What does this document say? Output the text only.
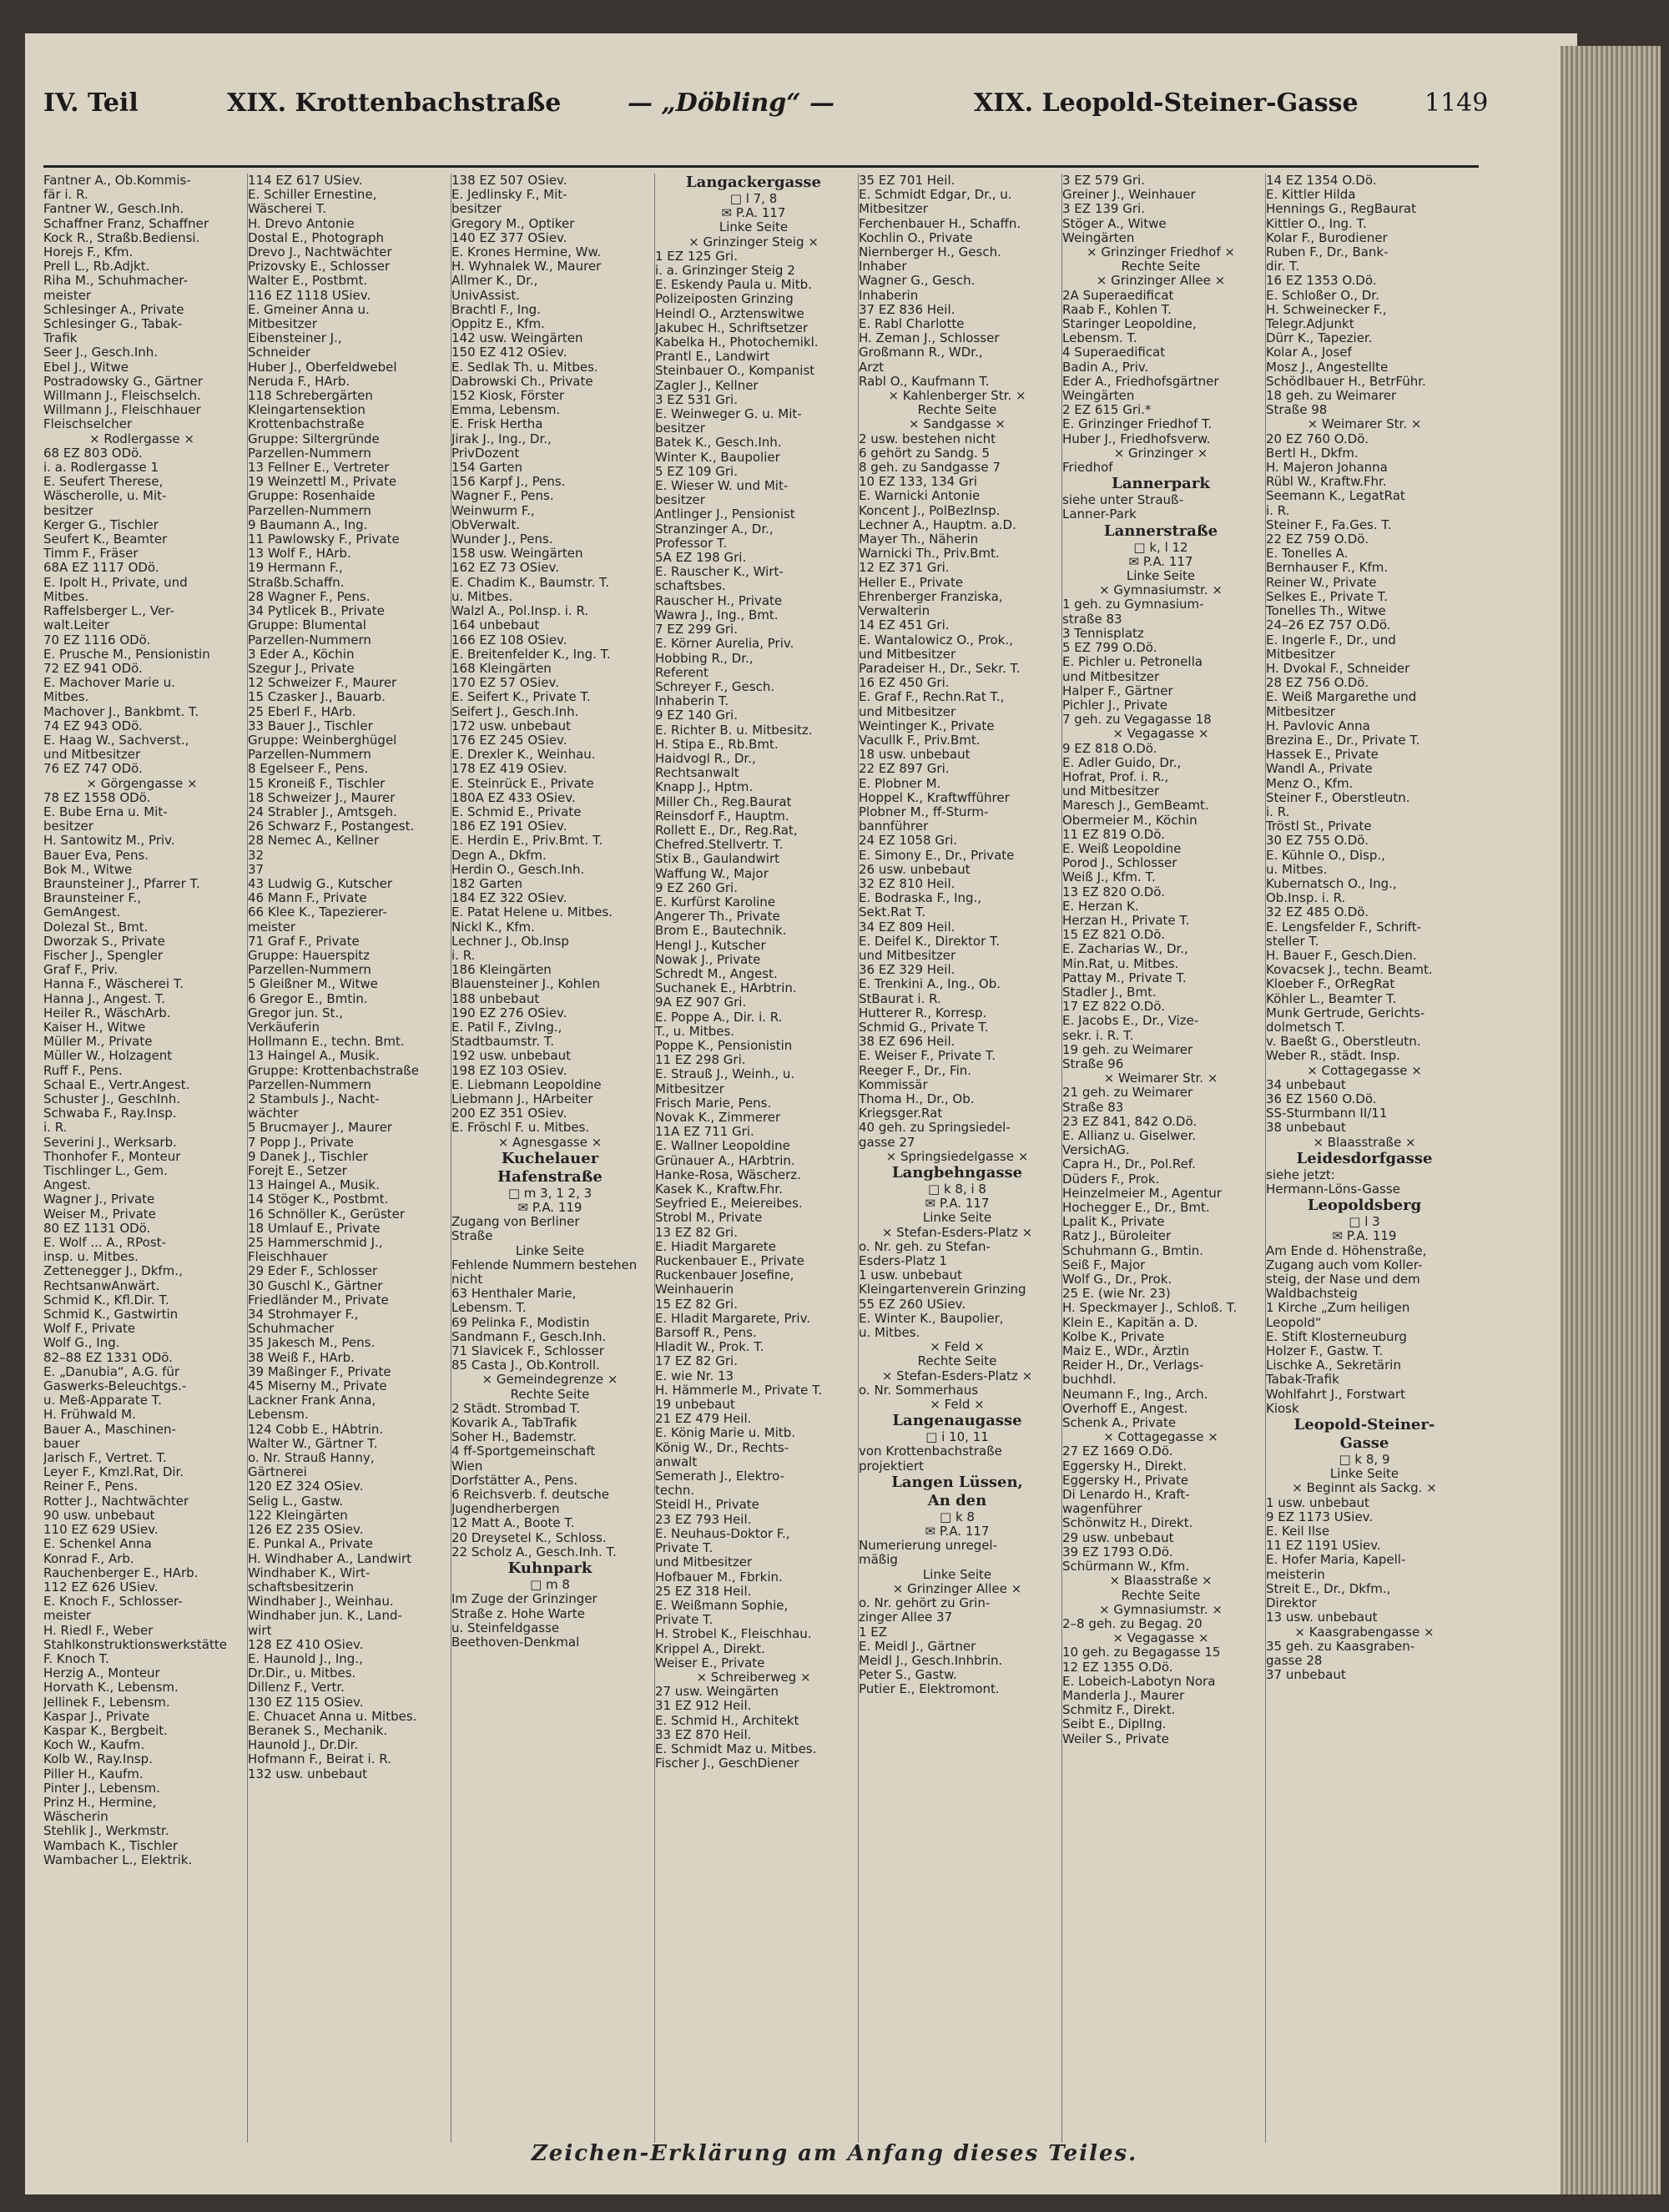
IV. Teil	XIX. Krottenbachstraße	— „Döbling“ —	XIX. Leopold-Steiner-Gasse	1149
Fantner A., Ob.Kommis-
fär i. R.
Fantner W., Gesch.Inh.
Schaffner Franz, Schaffner
Kock R., Straßb.Bediensi.
Horejs F., Kfm.
Prell L., Rb.Adjkt.
Riha M., Schuhmacher-
meister
Schlesinger A., Private
Schlesinger G., Tabak-
Trafik
Seer J., Gesch.Inh.
Ebel J., Witwe
Postradowsky G., Gärtner
Willmann J., Fleischselch.
Willmann J., Fleischhauer
Fleischselcher
× Rodlergasse ×
68 EZ 803 ODö.
i. a. Rodlergasse 1
E. Seufert Therese,
Wäscherolle, u. Mit-
besitzer
Kerger G., Tischler
Seufert K., Beamter
Timm F., Fräser
68A EZ 1117 ODö.
E. Ipolt H., Private, und
Mitbes.
Raffelsberger L., Ver-
walt.Leiter
70 EZ 1116 ODö.
E. Prusche M., Pensionistin
72 EZ 941 ODö.
E. Machover Marie u.
Mitbes.
Machover J., Bankbmt. T.
74 EZ 943 ODö.
E. Haag W., Sachverst.,
und Mitbesitzer
76 EZ 747 ODö.
× Görgengasse ×
78 EZ 1558 ODö.
E. Bube Erna u. Mit-
besitzer
H. Santowitz M., Priv.
Bauer Eva, Pens.
Bok M., Witwe
Braunsteiner J., Pfarrer T.
Braunsteiner F.,
GemAngest.
Dolezal St., Bmt.
Dworzak S., Private
Fischer J., Spengler
Graf F., Priv.
Hanna F., Wäscherei T.
Hanna J., Angest. T.
Heiler R., WäschArb.
Kaiser H., Witwe
Müller M., Private
Müller W., Holzagent
Ruff F., Pens.
Schaal E., Vertr.Angest.
Schuster J., GeschInh.
Schwaba F., Ray.Insp.
i. R.
Severini J., Werksarb.
Thonhofer F., Monteur
Tischlinger L., Gem.
Angest.
Wagner J., Private
Weiser M., Private
80 EZ 1131 ODö.
E. Wolf ... A., RPost-
insp. u. Mitbes.
Zettenegger J., Dkfm.,
RechtsanwAnwärt.
Schmid K., Kfl.Dir. T.
Schmid K., Gastwirtin
Wolf F., Private
Wolf G., Ing.
82–88 EZ 1331 ODö.
E. „Danubia“, A.G. für
Gaswerks-Beleuchtgs.-
u. Meß-Apparate T.
H. Frühwald M.
Bauer A., Maschinen-
bauer
Jarisch F., Vertret. T.
Leyer F., Kmzl.Rat, Dir.
Reiner F., Pens.
Rotter J., Nachtwächter
90 usw. unbebaut
110 EZ 629 USiev.
E. Schenkel Anna
Konrad F., Arb.
Rauchenberger E., HArb.
112 EZ 626 USiev.
E. Knoch F., Schlosser-
meister
H. Riedl F., Weber
Stahlkonstruktionswerkstätte
F. Knoch T.
Herzig A., Monteur
Horvath K., Lebensm.
Jellinek F., Lebensm.
Kaspar J., Private
Kaspar K., Bergbeit.
Koch W., Kaufm.
Kolb W., Ray.Insp.
Piller H., Kaufm.
Pinter J., Lebensm.
Prinz H., Hermine,
Wäscherin
Stehlik J., Werkmstr.
Wambach K., Tischler
Wambacher L., Elektrik.
114 EZ 617 USiev.
E. Schiller Ernestine,
Wäscherei T.
H. Drevo Antonie
Dostal E., Photograph
Drevo J., Nachtwächter
Prizovsky E., Schlosser
Walter E., Postbmt.
116 EZ 1118 USiev.
E. Gmeiner Anna u.
Mitbesitzer
Eibensteiner J.,
Schneider
Huber J., Oberfeldwebel
Neruda F., HArb.
118 Schrebergärten
Kleingartensektion
Krottenbachstraße
Gruppe: Siltergründe
Parzellen-Nummern
13 Fellner E., Vertreter
19 Weinzettl M., Private
Gruppe: Rosenhaide
Parzellen-Nummern
9 Baumann A., Ing.
11 Pawlowsky F., Private
13 Wolf F., HArb.
19 Hermann F.,
Straßb.Schaffn.
28 Wagner F., Pens.
34 Pytlicek B., Private
Gruppe: Blumental
Parzellen-Nummern
3 Eder A., Köchin
Szegur J., Private
12 Schweizer F., Maurer
15 Czasker J., Bauarb.
25 Eberl F., HArb.
33 Bauer J., Tischler
Gruppe: Weinberghügel
Parzellen-Nummern
8 Egelseer F., Pens.
15 Kroneiß F., Tischler
18 Schweizer J., Maurer
24 Strabler J., Amtsgeh.
26 Schwarz F., Postangest.
28 Nemec A., Kellner
32
37
43 Ludwig G., Kutscher
46 Mann F., Private
66 Klee K., Tapezierer-
meister
71 Graf F., Private
Gruppe: Hauerspitz
Parzellen-Nummern
5 Gleißner M., Witwe
6 Gregor E., Bmtin.
Gregor jun. St.,
Verkäuferin
Hollmann E., techn. Bmt.
13 Haingel A., Musik.
Gruppe: Krottenbachstraße
Parzellen-Nummern
2 Stambuls J., Nacht-
wächter
5 Brucmayer J., Maurer
7 Popp J., Private
9 Danek J., Tischler
Forejt E., Setzer
13 Haingel A., Musik.
14 Stöger K., Postbmt.
16 Schnöller K., Gerüster
18 Umlauf E., Private
25 Hammerschmid J.,
Fleischhauer
29 Eder F., Schlosser
30 Guschl K., Gärtner
Friedländer M., Private
34 Strohmayer F.,
Schuhmacher
35 Jakesch M., Pens.
38 Weiß F., HArb.
39 Maßinger F., Private
45 Miserny M., Private
Lackner Frank Anna,
Lebensm.
124 Cobb E., HÄbtrin.
Walter W., Gärtner T.
o. Nr. Strauß Hanny,
Gärtnerei
120 EZ 324 OSiev.
Selig L., Gastw.
122 Kleingärten
126 EZ 235 OSiev.
E. Punkal A., Private
H. Windhaber A., Landwirt
Windhaber K., Wirt-
schaftsbesitzerin
Windhaber J., Weinhau.
Windhaber jun. K., Land-
wirt
128 EZ 410 OSiev.
E. Haunold J., Ing.,
Dr.Dir., u. Mitbes.
Dillenz F., Vertr.
130 EZ 115 OSiev.
E. Chuacet Anna u. Mitbes.
Beranek S., Mechanik.
Haunold J., Dr.Dir.
Hofmann F., Beirat i. R.
132 usw. unbebaut
138 EZ 507 OSiev.
E. Jedlinsky F., Mit-
besitzer
Gregory M., Optiker
140 EZ 377 OSiev.
E. Krones Hermine, Ww.
H. Wyhnalek W., Maurer
Allmer K., Dr.,
UnivAssist.
Brachtl F., Ing.
Oppitz E., Kfm.
142 usw. Weingärten
150 EZ 412 OSiev.
E. Sedlak Th. u. Mitbes.
Dabrowski Ch., Private
152 Kiosk, Förster
Emma, Lebensm.
E. Frisk Hertha
Jirak J., Ing., Dr.,
PrivDozent
154 Garten
156 Karpf J., Pens.
Wagner F., Pens.
Weinwurm F.,
ObVerwalt.
Wunder J., Pens.
158 usw. Weingärten
162 EZ 73 OSiev.
E. Chadim K., Baumstr. T.
u. Mitbes.
Walzl A., Pol.Insp. i. R.
164 unbebaut
166 EZ 108 OSiev.
E. Breitenfelder K., Ing. T.
168 Kleingärten
170 EZ 57 OSiev.
E. Seifert K., Private T.
Seifert J., Gesch.Inh.
172 usw. unbebaut
176 EZ 245 OSiev.
E. Drexler K., Weinhau.
178 EZ 419 OSiev.
E. Steinrück E., Private
180A EZ 433 OSiev.
E. Schmid E., Private
186 EZ 191 OSiev.
E. Herdin E., Priv.Bmt. T.
Degn A., Dkfm.
Herdin O., Gesch.Inh.
182 Garten
184 EZ 322 OSiev.
E. Patat Helene u. Mitbes.
Nickl K., Kfm.
Lechner J., Ob.Insp
i. R.
186 Kleingärten
Blauensteiner J., Kohlen
188 unbebaut
190 EZ 276 OSiev.
E. Patil F., ZivIng.,
Stadtbaumstr. T.
192 usw. unbebaut
198 EZ 103 OSiev.
E. Liebmann Leopoldine
Liebmann J., HArbeiter
200 EZ 351 OSiev.
E. Fröschl F. u. Mitbes.
× Agnesgasse ×
Kuchelauer
Hafenstraße
□ m 3, 1 2, 3
✉ P.A. 119
Zugang von Berliner
Straße
Linke Seite
Fehlende Nummern bestehen
nicht
63 Henthaler Marie,
Lebensm. T.
69 Pelinka F., Modistin
Sandmann F., Gesch.Inh.
71 Slavicek F., Schlosser
85 Casta J., Ob.Kontroll.
× Gemeindegrenze ×
Rechte Seite
2 Städt. Strombad T.
Kovarik A., TabTrafik
Soher H., Bademstr.
4 ff-Sportgemeinschaft
Wien
Dorfstätter A., Pens.
6 Reichsverb. f. deutsche
Jugendherbergen
12 Matt A., Boote T.
20 Dreysetel K., Schloss.
22 Scholz A., Gesch.Inh. T.
Kuhnpark
□ m 8
Im Zuge der Grinzinger
Straße z. Hohe Warte
u. Steinfeldgasse
Beethoven-Denkmal
Langackergasse
□ l 7, 8
✉ P.A. 117
Linke Seite
× Grinzinger Steig ×
1 EZ 125 Gri.
i. a. Grinzinger Steig 2
E. Eskendy Paula u. Mitb.
Polizeiposten Grinzing
Heindl O., Arztenswitwe
Jakubec H., Schriftsetzer
Kabelka H., Photochemikl.
Prantl E., Landwirt
Steinbauer O., Kompanist
Zagler J., Kellner
3 EZ 531 Gri.
E. Weinweger G. u. Mit-
besitzer
Batek K., Gesch.Inh.
Winter K., Baupolier
5 EZ 109 Gri.
E. Wieser W. und Mit-
besitzer
Antlinger J., Pensionist
Stranzinger A., Dr.,
Professor T.
5A EZ 198 Gri.
E. Rauscher K., Wirt-
schaftsbes.
Rauscher H., Private
Wawra J., Ing., Bmt.
7 EZ 299 Gri.
E. Körner Aurelia, Priv.
Hobbing R., Dr.,
Referent
Schreyer F., Gesch.
Inhaberin T.
9 EZ 140 Gri.
E. Richter B. u. Mitbesitz.
H. Stipa E., Rb.Bmt.
Haidvogl R., Dr.,
Rechtsanwalt
Knapp J., Hptm.
Miller Ch., Reg.Baurat
Reinsdorf F., Hauptm.
Rollett E., Dr., Reg.Rat,
Chefred.Stellvertr. T.
Stix B., Gaulandwirt
Waffung W., Major
9 EZ 260 Gri.
E. Kurfürst Karoline
Angerer Th., Private
Brom E., Bautechnik.
Hengl J., Kutscher
Nowak J., Private
Schredt M., Angest.
Suchanek E., HArbtrin.
9A EZ 907 Gri.
E. Poppe A., Dir. i. R.
T., u. Mitbes.
Poppe K., Pensionistin
11 EZ 298 Gri.
E. Strauß J., Weinh., u.
Mitbesitzer
Frisch Marie, Pens.
Novak K., Zimmerer
11A EZ 711 Gri.
E. Wallner Leopoldine
Grünauer A., HArbtrin.
Hanke-Rosa, Wäscherz.
Kasek K., Kraftw.Fhr.
Seyfried E., Meiereibes.
Strobl M., Private
13 EZ 82 Gri.
E. Hiadit Margarete
Ruckenbauer E., Private
Ruckenbauer Josefine,
Weinhauerin
15 EZ 82 Gri.
E. Hladit Margarete, Priv.
Barsoff R., Pens.
Hladit W., Prok. T.
17 EZ 82 Gri.
E. wie Nr. 13
H. Hämmerle M., Private T.
19 unbebaut
21 EZ 479 Heil.
E. König Marie u. Mitb.
König W., Dr., Rechts-
anwalt
Semerath J., Elektro-
techn.
Steidl H., Private
23 EZ 793 Heil.
E. Neuhaus-Doktor F.,
Private T.
und Mitbesitzer
Hofbauer M., Fbrkin.
25 EZ 318 Heil.
E. Weißmann Sophie,
Private T.
H. Strobel K., Fleischhau.
Krippel A., Direkt.
Weiser E., Private
× Schreiberweg ×
27 usw. Weingärten
31 EZ 912 Heil.
E. Schmid H., Architekt
33 EZ 870 Heil.
E. Schmidt Maz u. Mitbes.
Fischer J., GeschDiener
35 EZ 701 Heil.
E. Schmidt Edgar, Dr., u.
Mitbesitzer
Ferchenbauer H., Schaffn.
Kochlin O., Private
Niernberger H., Gesch.
Inhaber
Wagner G., Gesch.
Inhaberin
37 EZ 836 Heil.
E. Rabl Charlotte
H. Zeman J., Schlosser
Großmann R., WDr.,
Arzt
Rabl O., Kaufmann T.
× Kahlenberger Str. ×
Rechte Seite
× Sandgasse ×
2 usw. bestehen nicht
6 gehört zu Sandg. 5
8 geh. zu Sandgasse 7
10 EZ 133, 134 Gri
E. Warnicki Antonie
Koncent J., PolBezInsp.
Lechner A., Hauptm. a.D.
Mayer Th., Näherin
Warnicki Th., Priv.Bmt.
12 EZ 371 Gri.
Heller E., Private
Ehrenberger Franziska,
Verwalterin
14 EZ 451 Gri.
E. Wantalowicz O., Prok.,
und Mitbesitzer
Paradeiser H., Dr., Sekr. T.
16 EZ 450 Gri.
E. Graf F., Rechn.Rat T.,
und Mitbesitzer
Weintinger K., Private
Vacullk F., Priv.Bmt.
18 usw. unbebaut
22 EZ 897 Gri.
E. Plobner M.
Hoppel K., Kraftwfführer
Plobner M., ff-Sturm-
bannführer
24 EZ 1058 Gri.
E. Simony E., Dr., Private
26 usw. unbebaut
32 EZ 810 Heil.
E. Bodraska F., Ing.,
Sekt.Rat T.
34 EZ 809 Heil.
E. Deifel K., Direktor T.
und Mitbesitzer
36 EZ 329 Heil.
E. Trenkini A., Ing., Ob.
StBaurat i. R.
Hutterer R., Korresp.
Schmid G., Private T.
38 EZ 696 Heil.
E. Weiser F., Private T.
Reeger F., Dr., Fin.
Kommissär
Thoma H., Dr., Ob.
Kriegsger.Rat
40 geh. zu Springsiedel-
gasse 27
× Springsiedelgasse ×
Langbehngasse
□ k 8, i 8
✉ P.A. 117
Linke Seite
× Stefan-Esders-Platz ×
o. Nr. geh. zu Stefan-
Esders-Platz 1
1 usw. unbebaut
Kleingartenverein Grinzing
55 EZ 260 USiev.
E. Winter K., Baupolier,
u. Mitbes.
× Feld ×
Rechte Seite
× Stefan-Esders-Platz ×
o. Nr. Sommerhaus
× Feld ×
Langenaugasse
□ i 10, 11
von Krottenbachstraße
projektiert
Langen Lüssen,
An den
□ k 8
✉ P.A. 117
Numerierung unregel-
mäßig
Linke Seite
× Grinzinger Allee ×
o. Nr. gehört zu Grin-
zinger Allee 37
1 EZ
E. Meidl J., Gärtner
Meidl J., Gesch.Inhbrin.
Peter S., Gastw.
Putier E., Elektromont.
3 EZ 579 Gri.
Greiner J., Weinhauer
3 EZ 139 Gri.
Stöger A., Witwe
Weingärten
× Grinzinger Friedhof ×
Rechte Seite
× Grinzinger Allee ×
2A Superaedificat
Raab F., Kohlen T.
Staringer Leopoldine,
Lebensm. T.
4 Superaedificat
Badin A., Priv.
Eder A., Friedhofsgärtner
Weingärten
2 EZ 615 Gri.*
E. Grinzinger Friedhof T.
Huber J., Friedhofsverw.
× Grinzinger ×
Friedhof
Lannerpark
siehe unter Strauß-
Lanner-Park
Lannerstraße
□ k, l 12
✉ P.A. 117
Linke Seite
× Gymnasiumstr. ×
1 geh. zu Gymnasium-
straße 83
3 Tennisplatz
5 EZ 799 O.Dö.
E. Pichler u. Petronella
und Mitbesitzer
Halper F., Gärtner
Pichler J., Private
7 geh. zu Vegagasse 18
× Vegagasse ×
9 EZ 818 O.Dö.
E. Adler Guido, Dr.,
Hofrat, Prof. i. R.,
und Mitbesitzer
Maresch J., GemBeamt.
Obermeier M., Köchin
11 EZ 819 O.Dö.
E. Weiß Leopoldine
Porod J., Schlosser
Weiß J., Kfm. T.
13 EZ 820 O.Dö.
E. Herzan K.
Herzan H., Private T.
15 EZ 821 O.Dö.
E. Zacharias W., Dr.,
Min.Rat, u. Mitbes.
Pattay M., Private T.
Stadler J., Bmt.
17 EZ 822 O.Dö.
E. Jacobs E., Dr., Vize-
sekr. i. R. T.
19 geh. zu Weimarer
Straße 96
× Weimarer Str. ×
21 geh. zu Weimarer
Straße 83
23 EZ 841, 842 O.Dö.
E. Allianz u. Giselwer.
VersichAG.
Capra H., Dr., Pol.Ref.
Düders F., Prok.
Heinzelmeier M., Agentur
Hochegger E., Dr., Bmt.
Lpalit K., Private
Ratz J., Büroleiter
Schuhmann G., Bmtin.
Seiß F., Major
Wolf G., Dr., Prok.
25 E. (wie Nr. 23)
H. Speckmayer J., Schloß. T.
Klein E., Kapitän a. D.
Kolbe K., Private
Maiz E., WDr., Ärztin
Reider H., Dr., Verlags-
buchhdl.
Neumann F., Ing., Arch.
Overhoff E., Angest.
Schenk A., Private
× Cottagegasse ×
27 EZ 1669 O.Dö.
Eggersky H., Direkt.
Eggersky H., Private
Di Lenardo H., Kraft-
wagenführer
Schönwitz H., Direkt.
29 usw. unbebaut
39 EZ 1793 O.Dö.
Schürmann W., Kfm.
× Blaasstraße ×
Rechte Seite
× Gymnasiumstr. ×
2–8 geh. zu Begag. 20
× Vegagasse ×
10 geh. zu Begagasse 15
12 EZ 1355 O.Dö.
E. Lobeich-Labotyn Nora
Manderla J., Maurer
Schmitz F., Direkt.
Seibt E., DiplIng.
Weiler S., Private
14 EZ 1354 O.Dö.
E. Kittler Hilda
Hennings G., RegBaurat
Kittler O., Ing. T.
Kolar F., Burodiener
Ruben F., Dr., Bank-
dir. T.
16 EZ 1353 O.Dö.
E. Schloßer O., Dr.
H. Schweinecker F.,
Telegr.Adjunkt
Dürr K., Tapezier.
Kolar A., Josef
Mosz J., Angestellte
Schödlbauer H., BetrFühr.
18 geh. zu Weimarer
Straße 98
× Weimarer Str. ×
20 EZ 760 O.Dö.
Bertl H., Dkfm.
H. Majeron Johanna
Rübl W., Kraftw.Fhr.
Seemann K., LegatRat
i. R.
Steiner F., Fa.Ges. T.
22 EZ 759 O.Dö.
E. Tonelles A.
Bernhauser F., Kfm.
Reiner W., Private
Selkes E., Private T.
Tonelles Th., Witwe
24–26 EZ 757 O.Dö.
E. Ingerle F., Dr., und
Mitbesitzer
H. Dvokal F., Schneider
28 EZ 756 O.Dö.
E. Weiß Margarethe und
Mitbesitzer
H. Pavlovic Anna
Brezina E., Dr., Private T.
Hassek E., Private
Wandl A., Private
Menz O., Kfm.
Steiner F., Oberstleutn.
i. R.
Tröstl St., Private
30 EZ 755 O.Dö.
E. Kühnle O., Disp.,
u. Mitbes.
Kubernatsch O., Ing.,
Ob.Insp. i. R.
32 EZ 485 O.Dö.
E. Lengsfelder F., Schrift-
steller T.
H. Bauer F., Gesch.Dien.
Kovacsek J., techn. Beamt.
Kloeber F., OrRegRat
Köhler L., Beamter T.
Munk Gertrude, Gerichts-
dolmetsch T.
v. Baeßt G., Oberstleutn.
Weber R., städt. Insp.
× Cottagegasse ×
34 unbebaut
36 EZ 1560 O.Dö.
SS-Sturmbann II/11
38 unbebaut
× Blaasstraße ×
Leidesdorfgasse
siehe jetzt:
Hermann-Löns-Gasse
Leopoldsberg
□ l 3
✉ P.A. 119
Am Ende d. Höhenstraße,
Zugang auch vom Koller-
steig, der Nase und dem
Waldbachsteig
1 Kirche „Zum heiligen
Leopold“
E. Stift Klosterneuburg
Holzer F., Gastw. T.
Lischke A., Sekretärin
Tabak-Trafik
Wohlfahrt J., Forstwart
Kiosk
Leopold-Steiner-
Gasse
□ k 8, 9
Linke Seite
× Beginnt als Sackg. ×
1 usw. unbebaut
9 EZ 1173 USiev.
E. Keil Ilse
11 EZ 1191 USiev.
E. Hofer Maria, Kapell-
meisterin
Streit E., Dr., Dkfm.,
Direktor
13 usw. unbebaut
× Kaasgrabengasse ×
35 geh. zu Kaasgraben-
gasse 28
37 unbebaut
Zeichen-Erklärung am Anfang dieses Teiles.
